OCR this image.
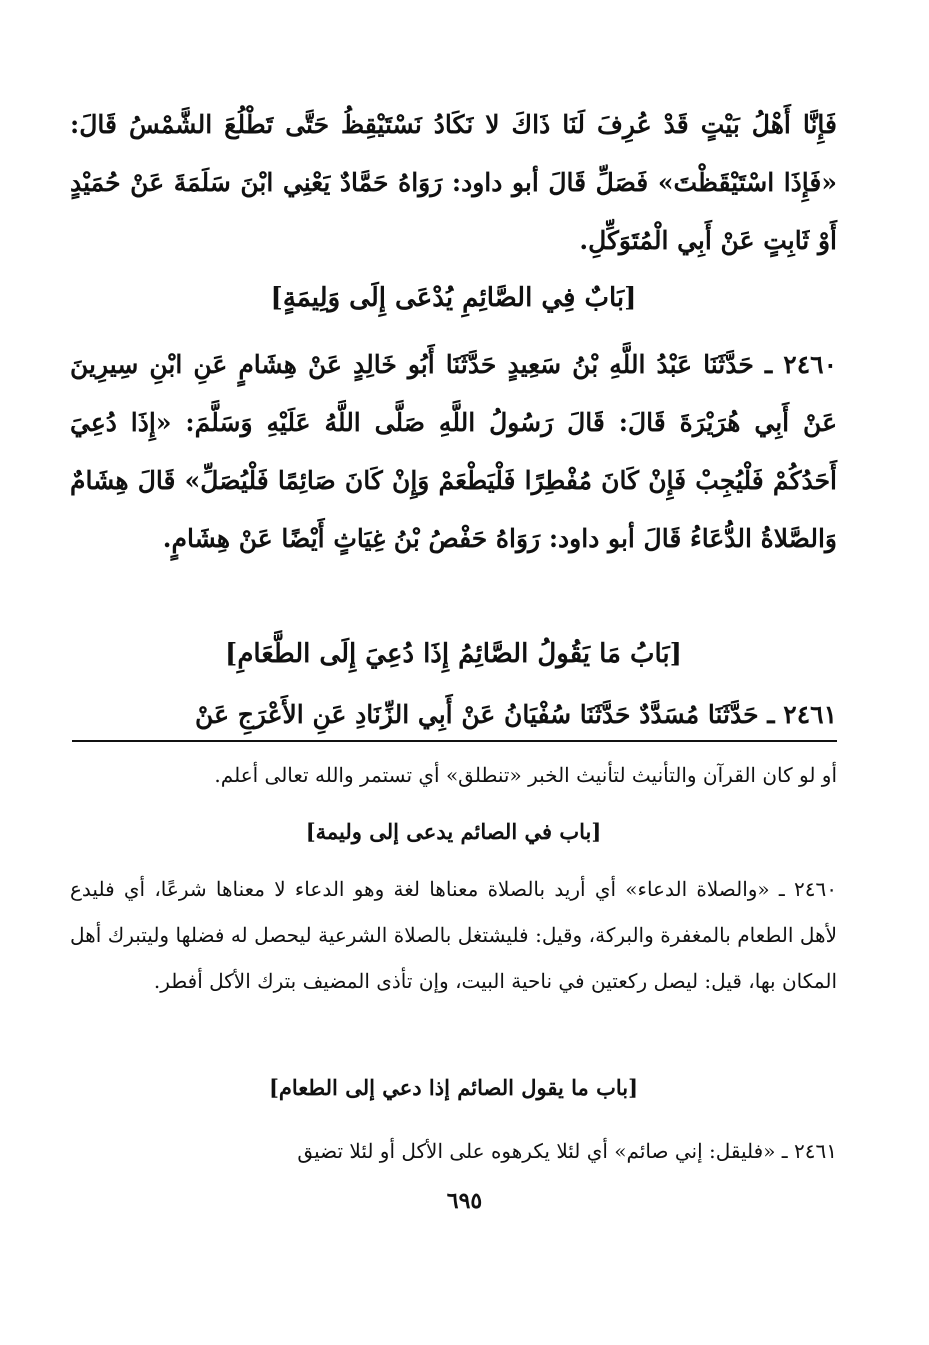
فَإِنَّا أَهْلُ بَيْتٍ قَدْ عُرِفَ لَنَا ذَاكَ لا نَكَادُ نَسْتَيْقِظُ حَتَّى تَطْلُعَ الشَّمْسُ قَالَ: «فَإِذَا اسْتَيْقَظْتَ» فَصَلِّ قَالَ أبو داود: رَوَاهُ حَمَّادٌ يَعْنِي ابْنَ سَلَمَةَ عَنْ حُمَيْدٍ أَوْ ثَابِتٍ عَنْ أَبِي الْمُتَوَكِّلِ.

[بَابٌ فِي الصَّائِمِ يُدْعَى إِلَى وَلِيمَةٍ]

٢٤٦٠ ـ حَدَّثَنَا عَبْدُ اللَّهِ بْنُ سَعِيدٍ حَدَّثَنَا أَبُو خَالِدٍ عَنْ هِشَامٍ عَنِ ابْنِ سِيرِينَ عَنْ أَبِي هُرَيْرَةَ قَالَ: قَالَ رَسُولُ اللَّهِ صَلَّى اللَّهُ عَلَيْهِ وَسَلَّمَ: «إِذَا دُعِيَ أَحَدُكُمْ فَلْيُجِبْ فَإِنْ كَانَ مُفْطِرًا فَلْيَطْعَمْ وَإِنْ كَانَ صَائِمًا فَلْيُصَلِّ» قَالَ هِشَامٌ وَالصَّلاةُ الدُّعَاءُ قَالَ أبو داود: رَوَاهُ حَفْصُ بْنُ غِيَاثٍ أَيْضًا عَنْ هِشَامٍ.

[بَابُ مَا يَقُولُ الصَّائِمُ إِذَا دُعِيَ إِلَى الطَّعَامِ]

٢٤٦١ ـ حَدَّثَنَا مُسَدَّدٌ حَدَّثَنَا سُفْيَانُ عَنْ أَبِي الزِّنَادِ عَنِ الأَعْرَجِ عَنْ

أو لو كان القرآن والتأنيث لتأنيث الخبر «تنطلق» أي تستمر والله تعالى أعلم.

[باب في الصائم يدعى إلى وليمة]

٢٤٦٠ ـ «والصلاة الدعاء» أي أريد بالصلاة معناها لغة وهو الدعاء لا معناها شرعًا، أي فليدع لأهل الطعام بالمغفرة والبركة، وقيل: فليشتغل بالصلاة الشرعية ليحصل له فضلها وليتبرك أهل المكان بها، قيل: ليصل ركعتين في ناحية البيت، وإن تأذى المضيف بترك الأكل أفطر.

[باب ما يقول الصائم إذا دعي إلى الطعام]

٢٤٦١ ـ «فليقل: إني صائم» أي لئلا يكرهوه على الأكل أو لئلا تضيق

٦٩٥
